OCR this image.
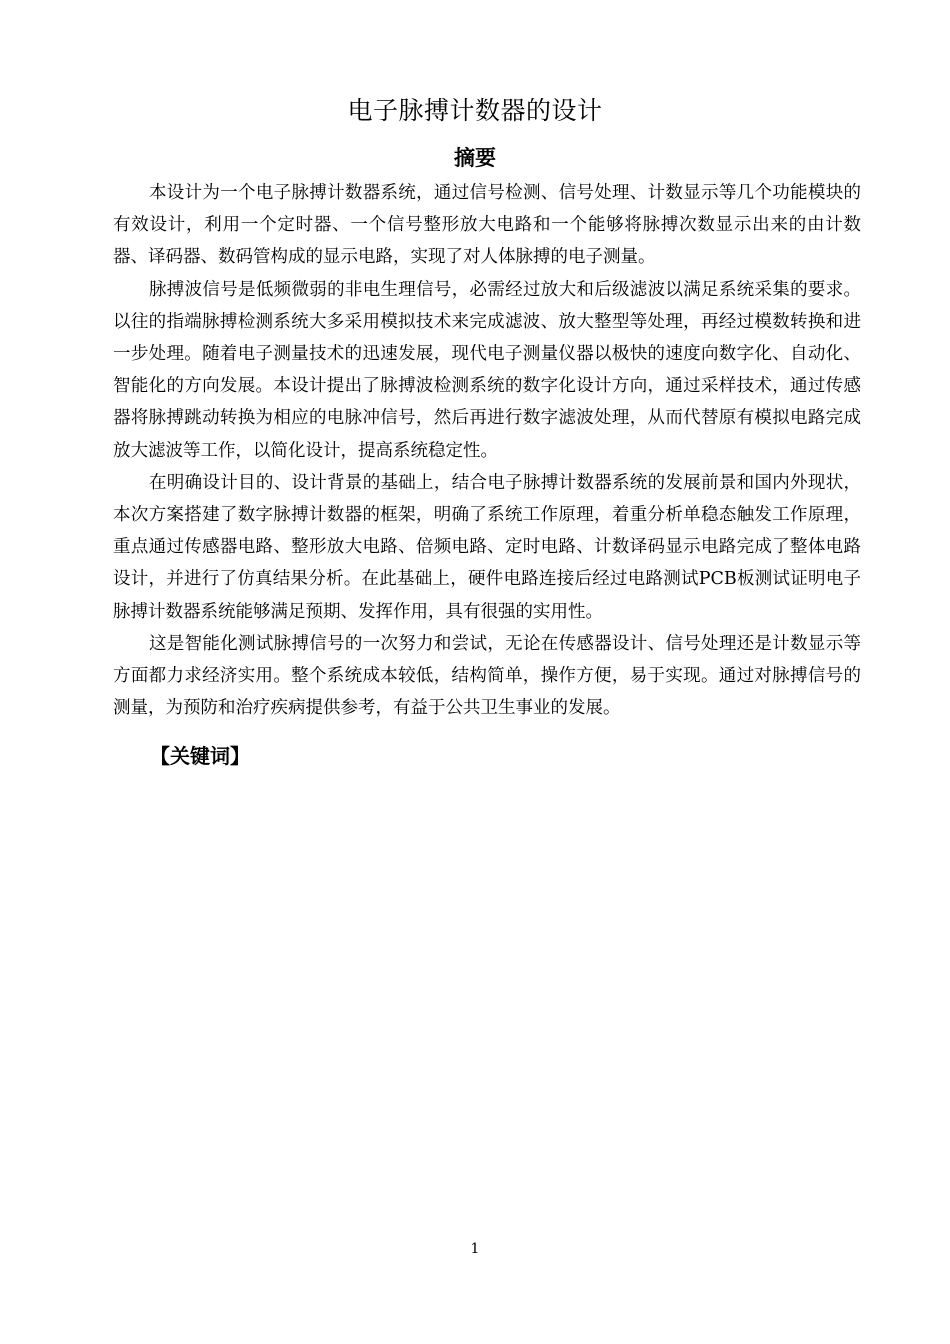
电子脉搏计数器的设计
摘要

本设计为一个电子脉搏计数器系统，通过信号检测、信号处理、计数显示等几个功能模块的有效设计，利用一个定时器、一个信号整形放大电路和一个能够将脉搏次数显示出来的由计数器、译码器、数码管构成的显示电路，实现了对人体脉搏的电子测量。

脉搏波信号是低频微弱的非电生理信号，必需经过放大和后级滤波以满足系统采集的要求。以往的指端脉搏检测系统大多采用模拟技术来完成滤波、放大整型等处理，再经过模数转换和进一步处理。随着电子测量技术的迅速发展，现代电子测量仪器以极快的速度向数字化、自动化、智能化的方向发展。本设计提出了脉搏波检测系统的数字化设计方向，通过采样技术，通过传感器将脉搏跳动转换为相应的电脉冲信号，然后再进行数字滤波处理，从而代替原有模拟电路完成放大滤波等工作，以简化设计，提高系统稳定性。

在明确设计目的、设计背景的基础上，结合电子脉搏计数器系统的发展前景和国内外现状，本次方案搭建了数字脉搏计数器的框架，明确了系统工作原理，着重分析单稳态触发工作原理，重点通过传感器电路、整形放大电路、倍频电路、定时电路、计数译码显示电路完成了整体电路设计，并进行了仿真结果分析。在此基础上，硬件电路连接后经过电路测试PCB板测试证明电子脉搏计数器系统能够满足预期、发挥作用，具有很强的实用性。

这是智能化测试脉搏信号的一次努力和尝试，无论在传感器设计、信号处理还是计数显示等方面都力求经济实用。整个系统成本较低，结构简单，操作方便，易于实现。通过对脉搏信号的测量，为预防和治疗疾病提供参考，有益于公共卫生事业的发展。

【关键词】
1
